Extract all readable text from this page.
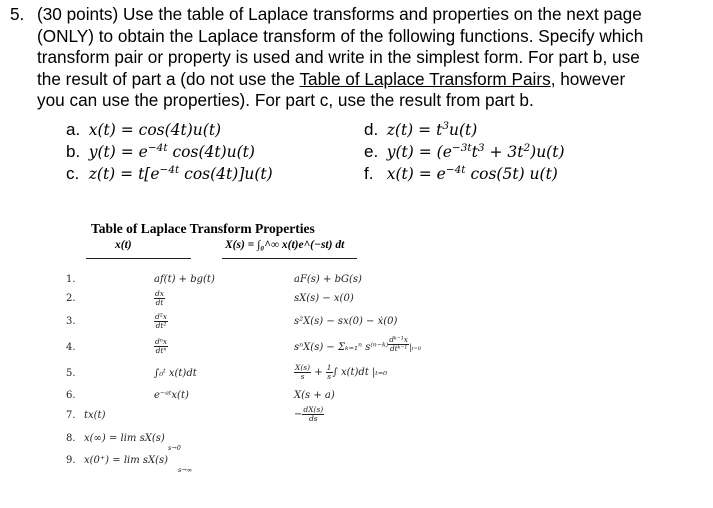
5. (30 points) Use the table of Laplace transforms and properties on the next page
(ONLY) to obtain the Laplace transform of the following functions. Specify which
transform pair or property is used and write in the simplest form. For part b, use
the result of part a (do not use the Table of Laplace Transform Pairs, however
you can use the properties). For part c, use the result from part b.
a. x(t) = cos(4t)u(t)
b. $y(t) = e^{-4t}$ cos(4t)u(t)
c. $z(t) = t[e^{-4t}$ cos(4t)]u(t)
d. $z(t) = t^3u(t)$
e. $y(t) = (e^{-3t}t^3 + 3t^2)u(t)$
f. $x(t) = e^{-4t}$ cos(5t) u(t)
Table of Laplace Transform Properties
x(t)	X(s) = ∫₀^∞ x(t)e^(−st) dt
1.	af(t) + bg(t)	aF(s) + bG(s)
2.	$\frac{dx}{dt}$	sX(s) − x(0)
3.	$\frac{\text{d²x}}{\text{dt²}}$	s²X(s) − sx(0) − ẋ(0)
4.	$\frac{\text{dⁿx}}{\text{dtⁿ}}$	sⁿX(s) − Σₖ₌₁ⁿ s⁽ⁿ⁻ᵏ⁾ $\frac{\text{dᵏ⁻¹x}}{\text{dtᵏ⁻¹}} |_{t=0}$
5.	∫₀ᵗ x(t)dt	$\frac{X(s)}{s} + \frac{1}{s}$ ∫ x(t)dt |ₜ₌₀
6.	e⁻ᵃᵗx(t)	X(s + a)
7. tx(t)	− $\frac{dX(s)}{ds}$
8. x(∞) = lim sX(s)
s→0
9. x(0⁺) = lim sX(s)
s→∞
